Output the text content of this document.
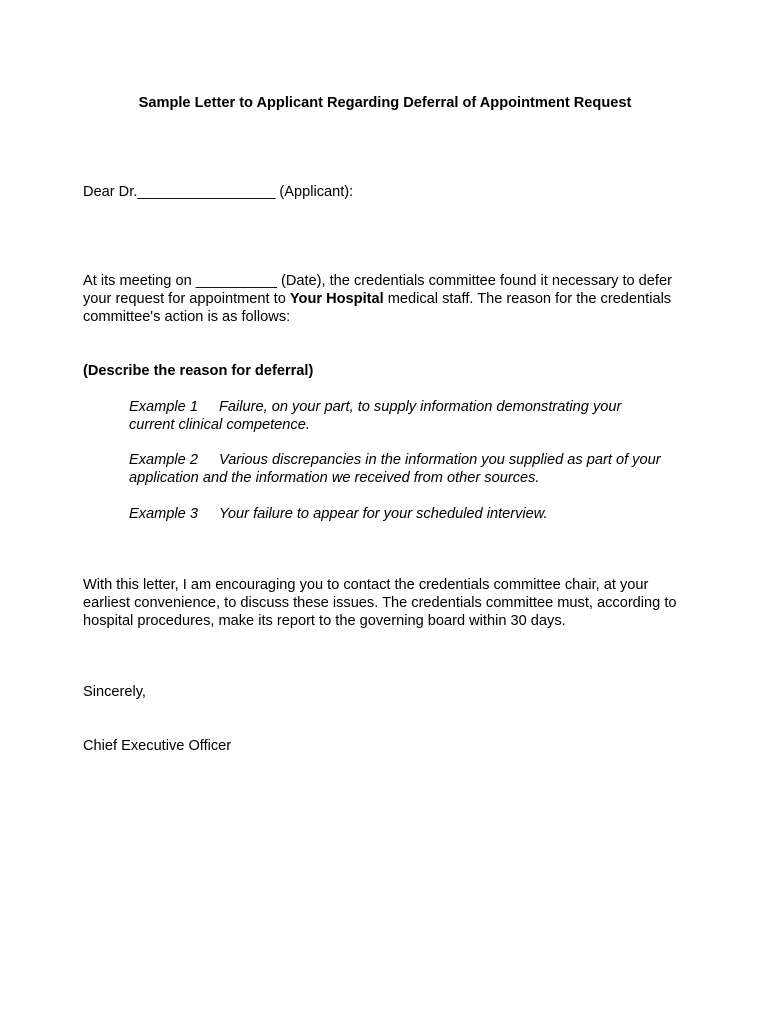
Sample Letter to Applicant Regarding Deferral of Appointment Request
Dear Dr._________________ (Applicant):
At its meeting on __________ (Date), the credentials committee found it necessary to defer your request for appointment to Your Hospital medical staff. The reason for the credentials committee's action is as follows:
(Describe the reason for deferral)
Example 1 Failure, on your part, to supply information demonstrating your current clinical competence.
Example 2 Various discrepancies in the information you supplied as part of your application and the information we received from other sources.
Example 3 Your failure to appear for your scheduled interview.
With this letter, I am encouraging you to contact the credentials committee chair, at your earliest convenience, to discuss these issues. The credentials committee must, according to hospital procedures, make its report to the governing board within 30 days.
Sincerely,
Chief Executive Officer
